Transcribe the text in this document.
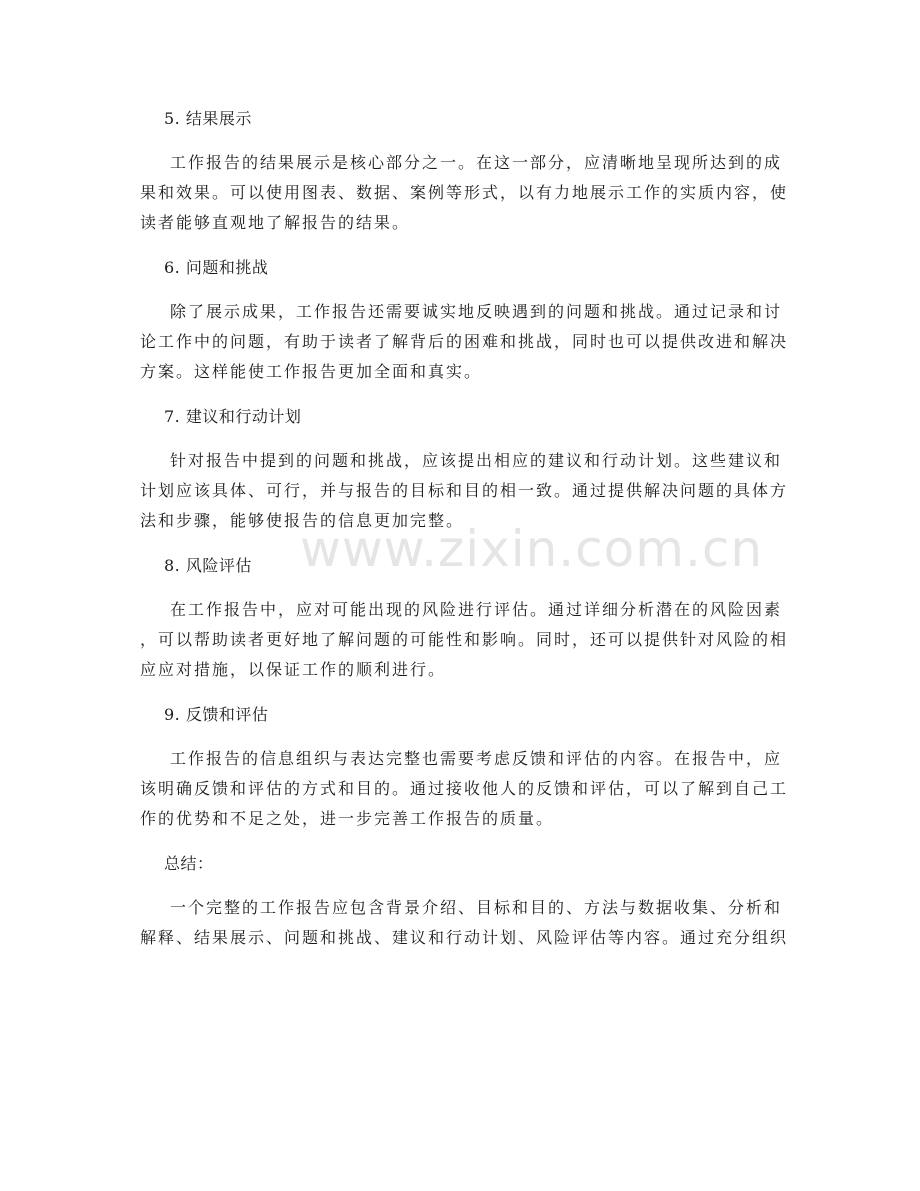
5. 结果展示
工作报告的结果展示是核心部分之一。在这一部分，应清晰地呈现所达到的成
果和效果。可以使用图表、数据、案例等形式，以有力地展示工作的实质内容，使
读者能够直观地了解报告的结果。
6. 问题和挑战
除了展示成果，工作报告还需要诚实地反映遇到的问题和挑战。通过记录和讨
论工作中的问题，有助于读者了解背后的困难和挑战，同时也可以提供改进和解决
方案。这样能使工作报告更加全面和真实。
7. 建议和行动计划
针对报告中提到的问题和挑战，应该提出相应的建议和行动计划。这些建议和
计划应该具体、可行，并与报告的目标和目的相一致。通过提供解决问题的具体方
法和步骤，能够使报告的信息更加完整。
8. 风险评估
在工作报告中，应对可能出现的风险进行评估。通过详细分析潜在的风险因素
，可以帮助读者更好地了解问题的可能性和影响。同时，还可以提供针对风险的相
应应对措施，以保证工作的顺利进行。
9. 反馈和评估
工作报告的信息组织与表达完整也需要考虑反馈和评估的内容。在报告中，应
该明确反馈和评估的方式和目的。通过接收他人的反馈和评估，可以了解到自己工
作的优势和不足之处，进一步完善工作报告的质量。
总结：
一个完整的工作报告应包含背景介绍、目标和目的、方法与数据收集、分析和
解释、结果展示、问题和挑战、建议和行动计划、风险评估等内容。通过充分组织
www.zixin.com.cn
